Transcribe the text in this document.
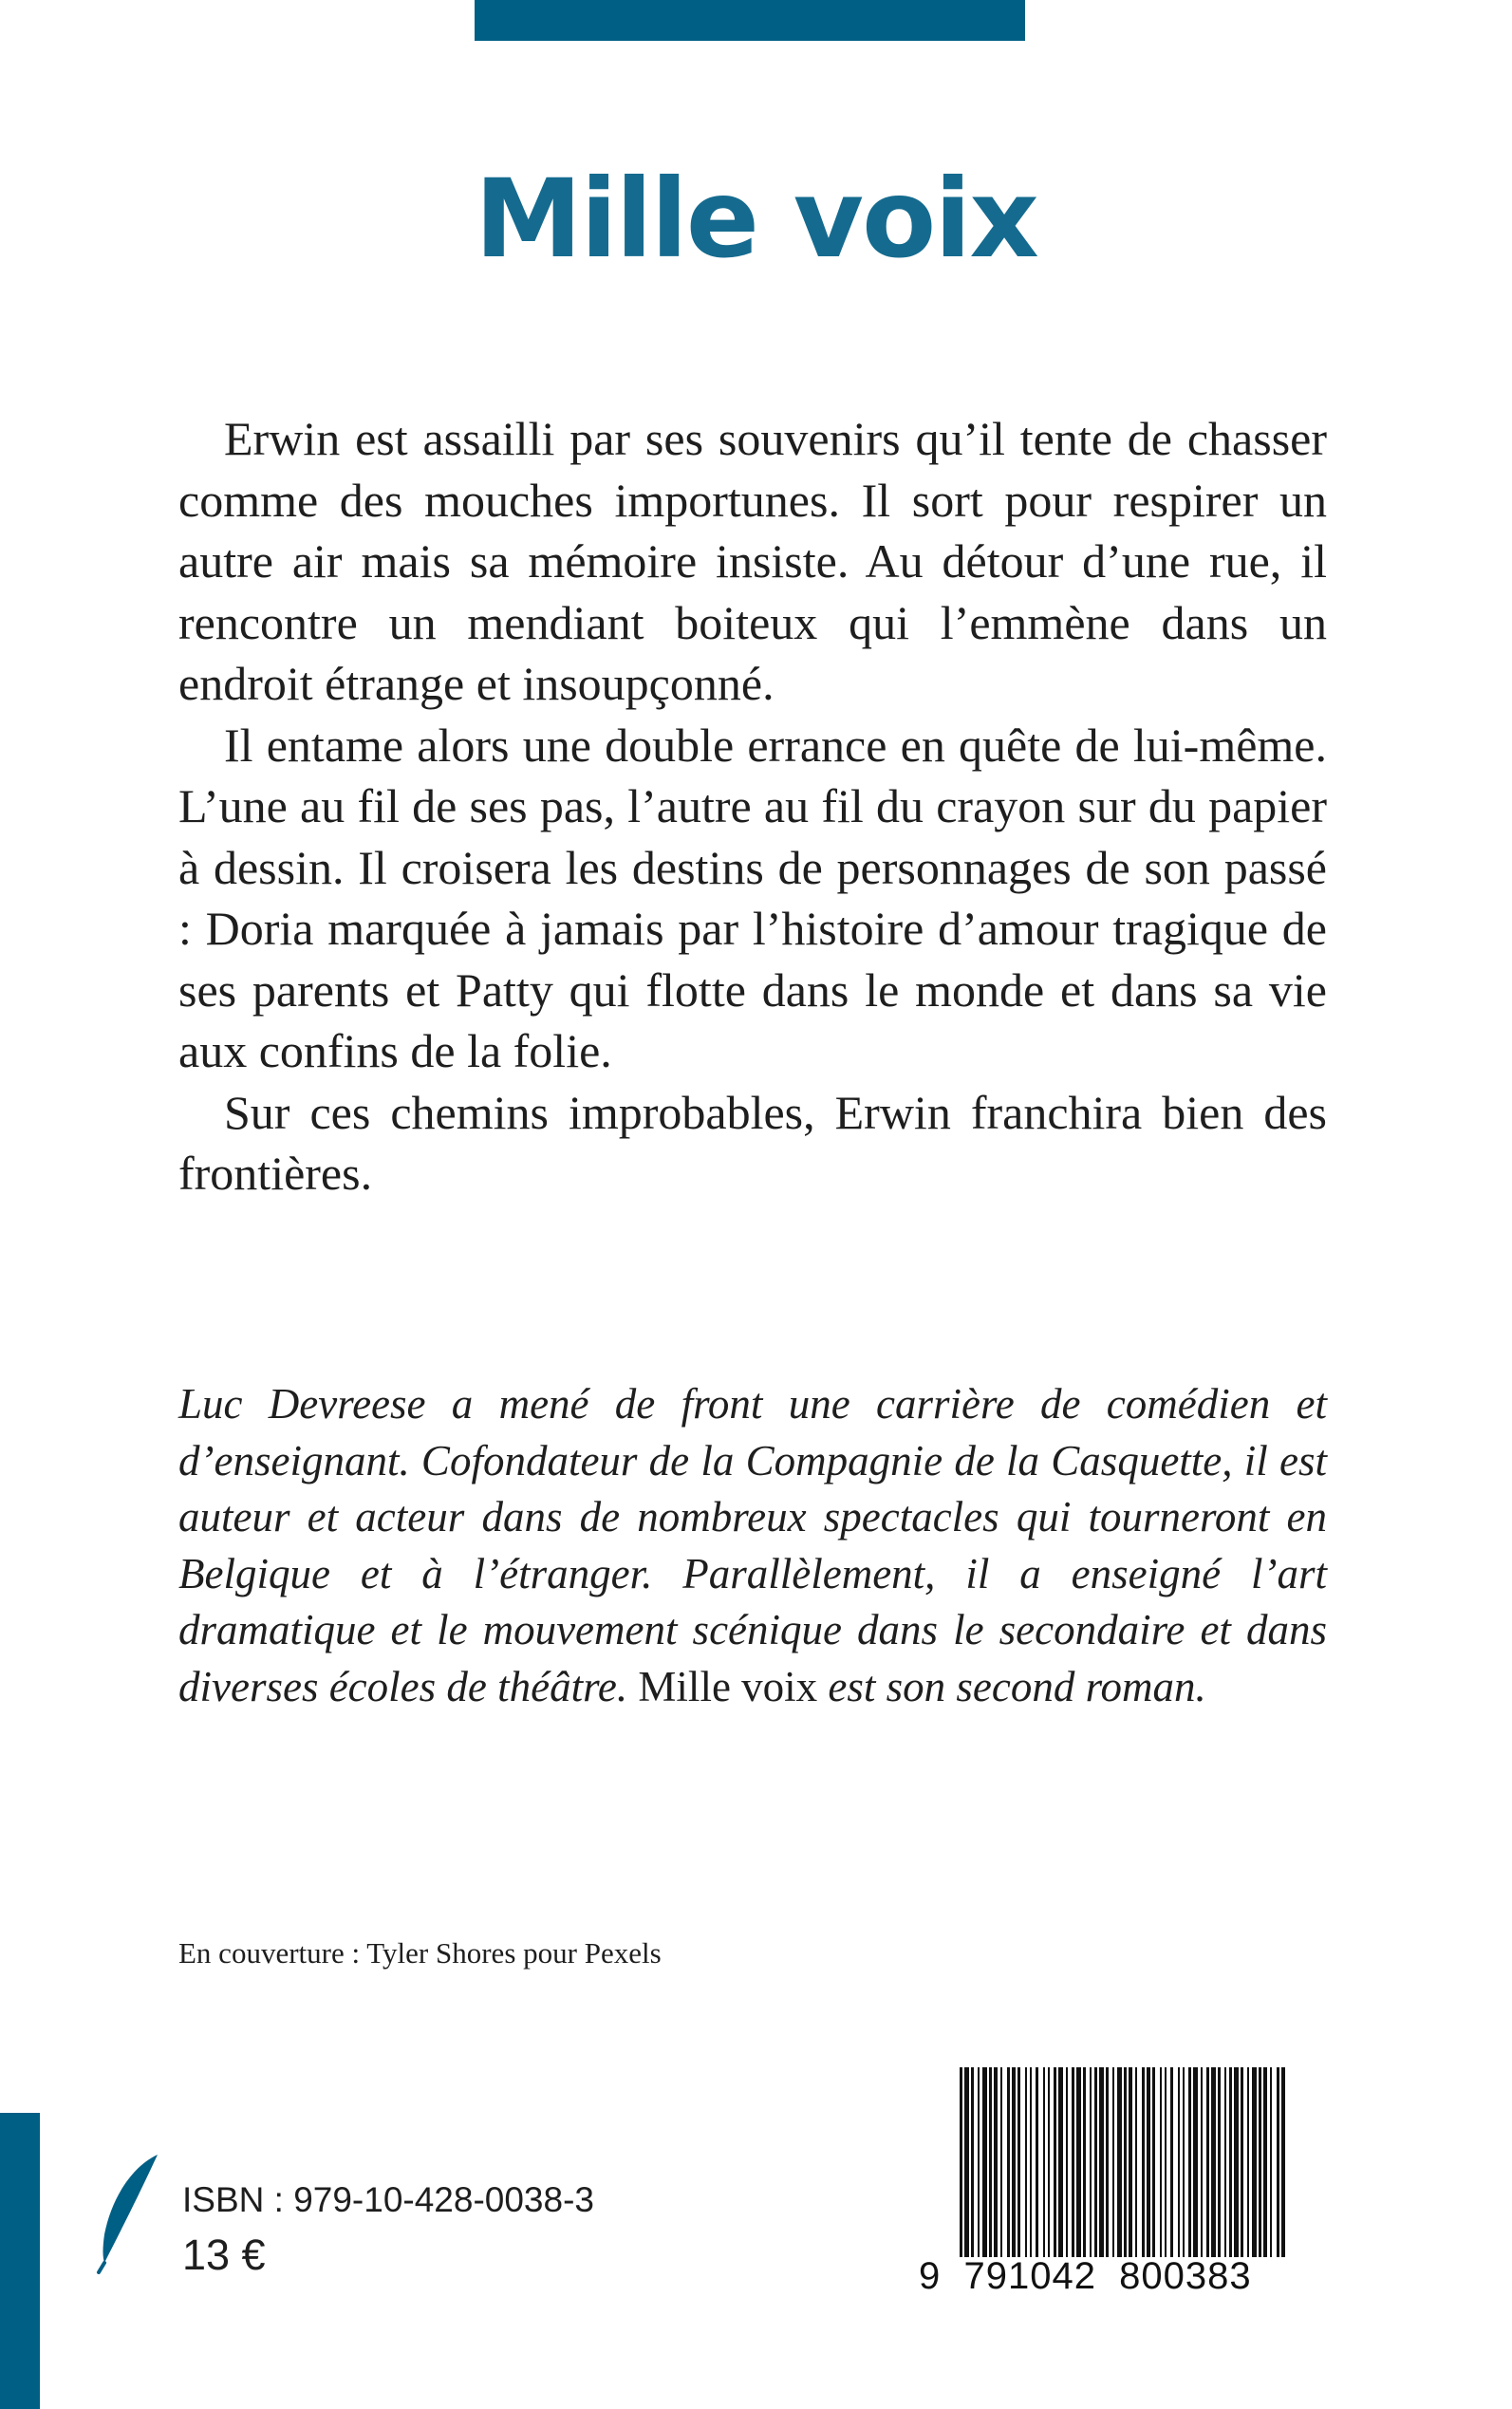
Mille voix

Erwin est assailli par ses souvenirs qu’il tente de chasser comme des mouches importunes. Il sort pour respirer un autre air mais sa mémoire insiste. Au détour d’une rue, il rencontre un mendiant boiteux qui l’emmène dans un endroit étrange et insoupçonné.

Il entame alors une double errance en quête de lui-même. L’une au fil de ses pas, l’autre au fil du crayon sur du papier à dessin. Il croisera les destins de personnages de son passé : Doria marquée à jamais par l’histoire d’amour tragique de ses parents et Patty qui flotte dans le monde et dans sa vie aux confins de la folie.

Sur ces chemins improbables, Erwin franchira bien des frontières.

Luc Devreese a mené de front une carrière de comédien et d’enseignant. Cofondateur de la Compagnie de la Casquette, il est auteur et acteur dans de nombreux spectacles qui tourneront en Belgique et à l’étranger. Parallèlement, il a enseigné l’art dramatique et le mouvement scénique dans le secondaire et dans diverses écoles de théâtre. Mille voix est son second roman.

En couverture : Tyler Shores pour Pexels

ISBN : 979-10-428-0038-3

13 €	9  791042  800383
